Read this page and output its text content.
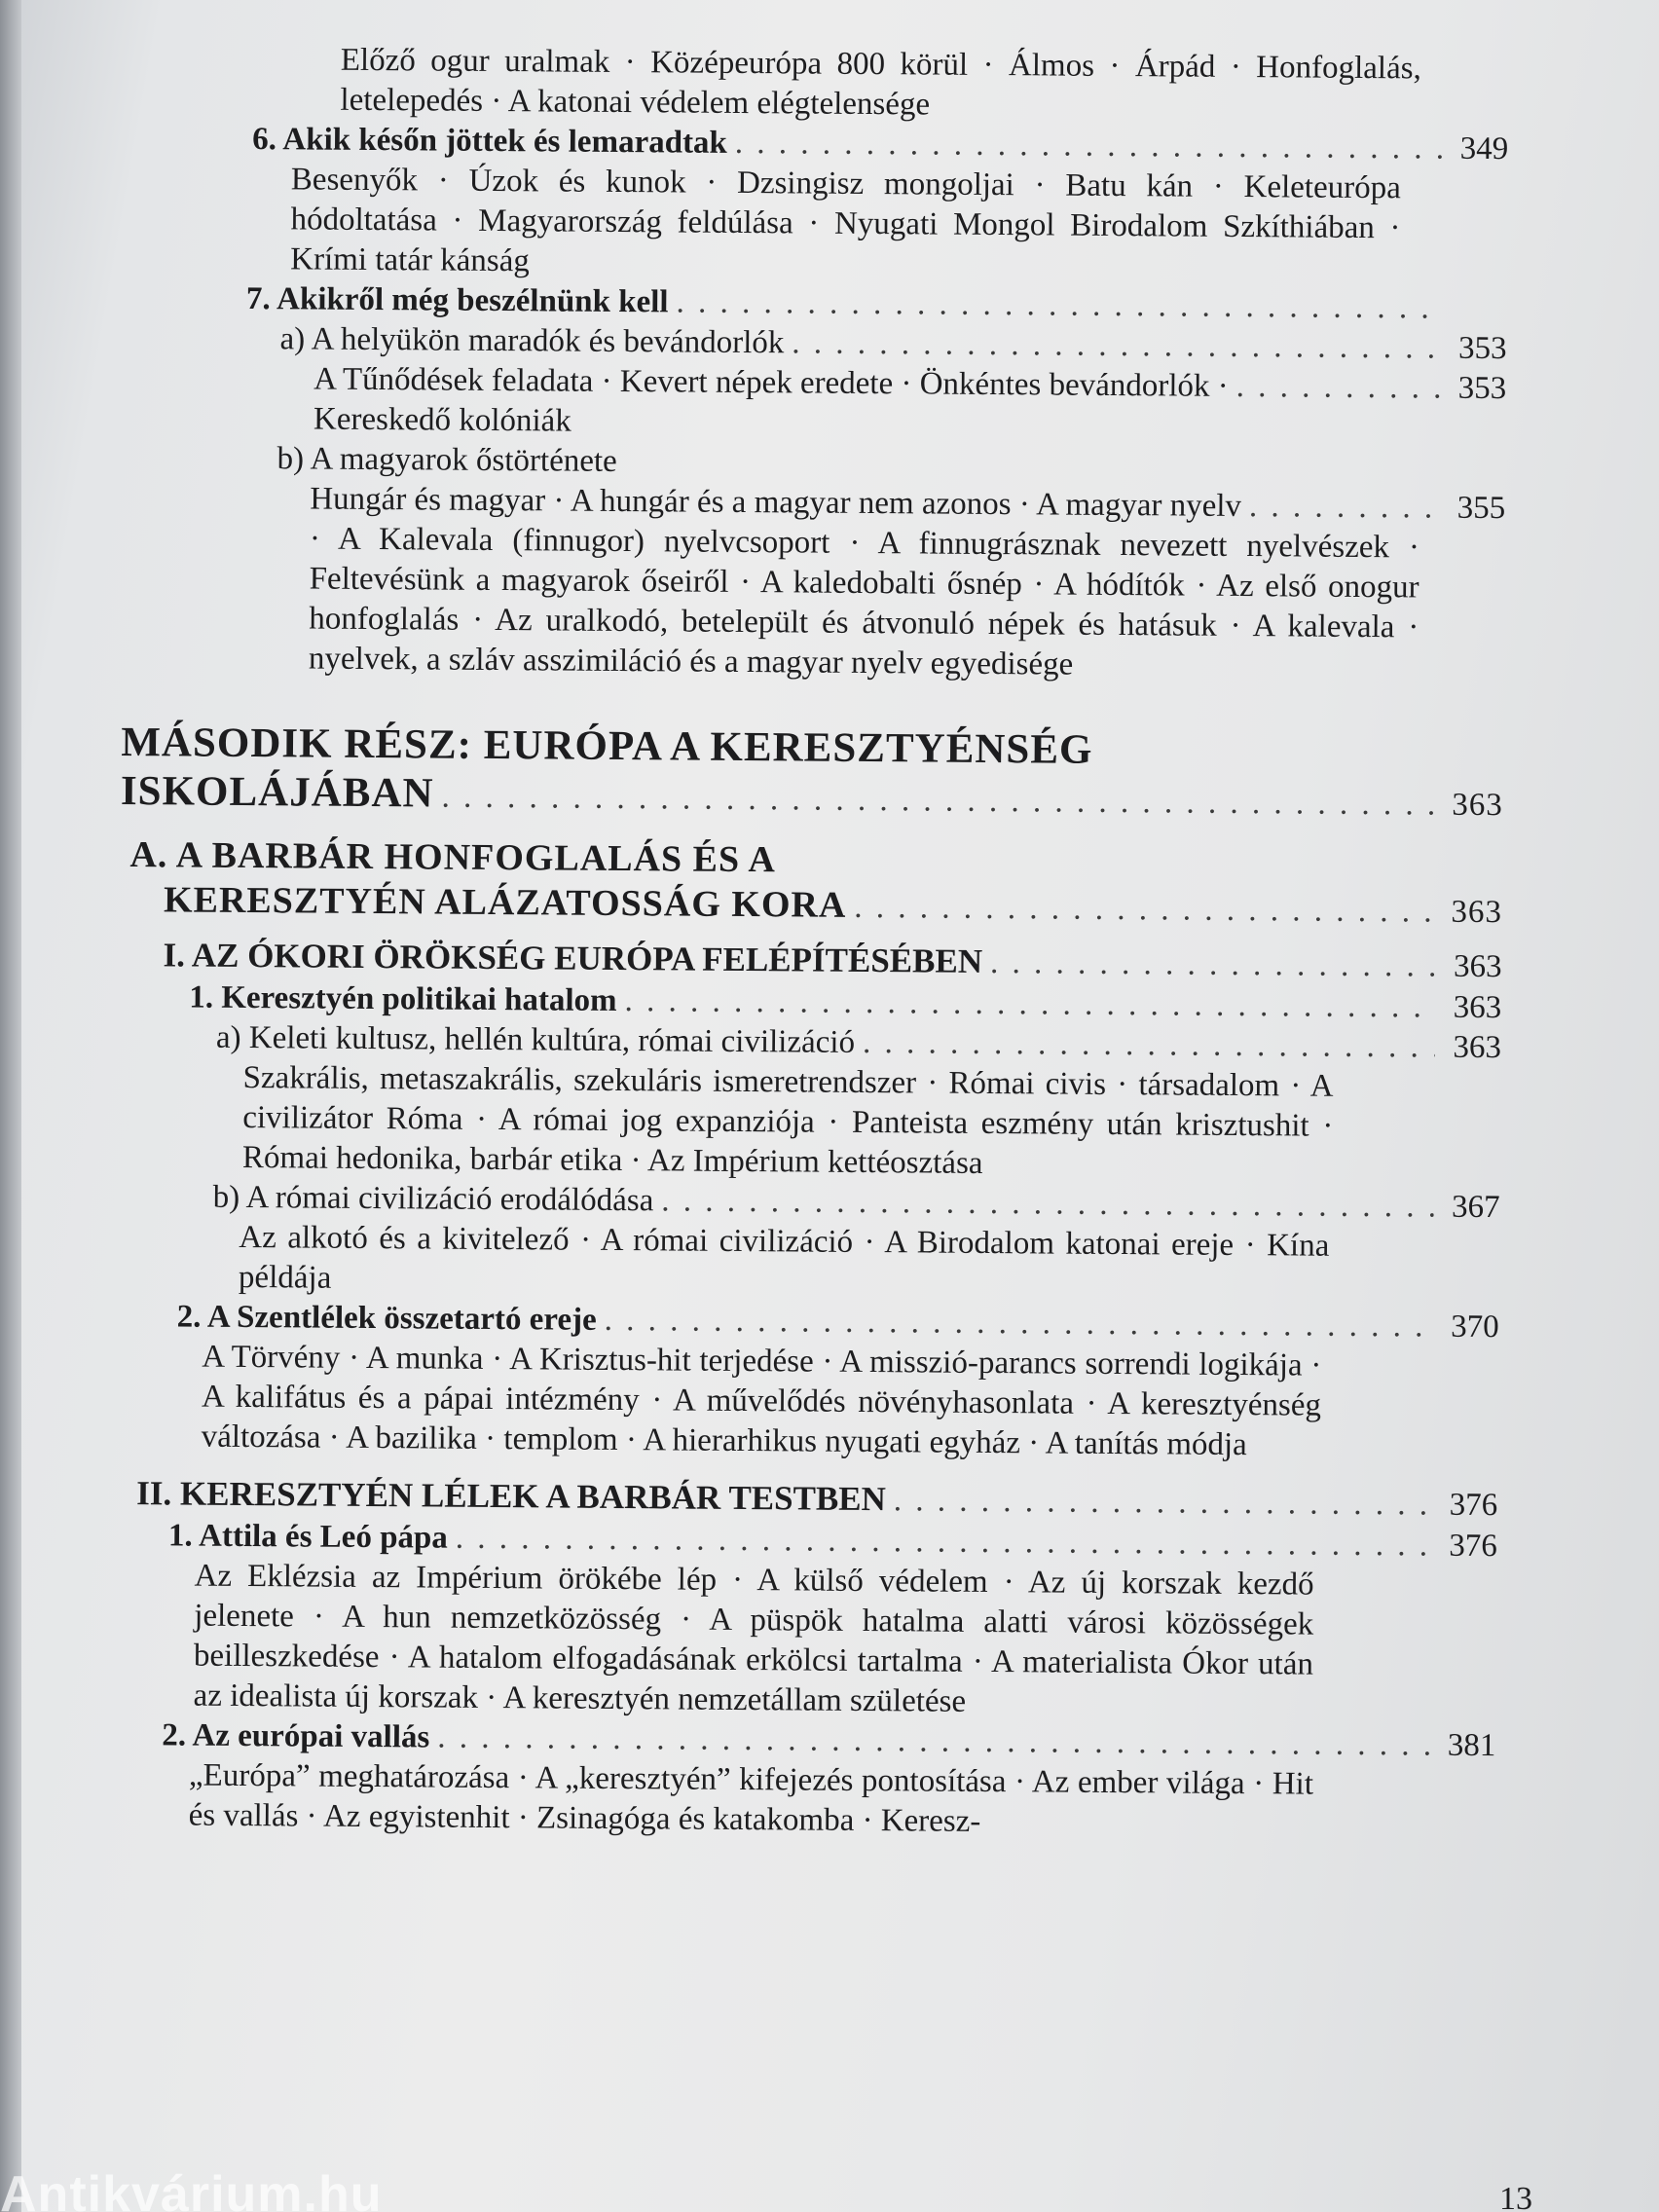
Előző ogur uralmak · Középeurópa 800 körül · Álmos · Árpád · Honfoglalás, letelepedés · A katonai védelem elégtelensége
6. Akik későn jöttek és lemaradtak . . .	349
Besenyők · Úzok és kunok · Dzsingisz mongoljai · Batu kán · Keleteurópa hódoltatása · Magyarország feldúlása · Nyugati Mongol Birodalom Szkíthiában · Krími tatár kánság
7. Akikről még beszélnünk kell
. . .
a) A helyükön maradók és bevándorlók . . .	353
A Tűnődések feladata · Kevert népek eredete · Önkéntes bevándorlók · . . .	353
Kereskedő kolóniák
b) A magyarok őstörténete
Hungár és magyar · A hungár és a magyar nem azonos · A magyar nyelv . . .	355
· A Kalevala (finnugor) nyelvcsoport · A finnugrásznak nevezett nyelvészek · Feltevésünk a magyarok őseiről · A kaledobalti ősnép · A hódítók · Az első onogur honfoglalás · Az uralkodó, betelepült és átvonuló népek és hatásuk · A kalevala · nyelvek, a szláv asszimiláció és a magyar nyelv egyedisége
MÁSODIK RÉSZ: EURÓPA A KERESZTYÉNSÉG
ISKOLÁJÁBAN . . .	363
A. A BARBÁR HONFOGLALÁS ÉS A
KERESZTYÉN ALÁZATOSSÁG KORA . . .	363
I. AZ ÓKORI ÖRÖKSÉG EURÓPA FELÉPÍTÉSÉBEN . . .	363
1. Keresztyén politikai hatalom . . .	363
a) Keleti kultusz, hellén kultúra, római civilizáció . . .	363
Szakrális, metaszakrális, szekuláris ismeretrendszer · Római civis · társadalom · A civilizátor Róma · A római jog expanziója · Panteista eszmény után krisztushit · Római hedonika, barbár etika · Az Impérium kettéosztása
b) A római civilizáció erodálódása . . .	367
Az alkotó és a kivitelező · A római civilizáció · A Birodalom katonai ereje · Kína példája
2. A Szentlélek összetartó ereje . . .	370
A Törvény · A munka · A Krisztus-hit terjedése · A misszió-parancs sorrendi logikája · A kalifátus és a pápai intézmény · A művelődés növényhasonlata · A keresztyénség változása · A bazilika · templom · A hierarhikus nyugati egyház · A tanítás módja
II. KERESZTYÉN LÉLEK A BARBÁR TESTBEN . . .	376
1. Attila és Leó pápa . . .	376
Az Eklézsia az Impérium örökébe lép · A külső védelem · Az új korszak kezdő jelenete · A hun nemzetközösség · A püspök hatalma alatti városi közösségek beilleszkedése · A hatalom elfogadásának erkölcsi tartalma · A materialista Ókor után az idealista új korszak · A keresztyén nemzetállam születése
2. Az európai vallás . . .	381
„Európa” meghatározása · A „keresztyén” kifejezés pontosítása · Az ember világa · Hit és vallás · Az egyistenhit · Zsinagóga és katakomba · Keresz-
Antikvárium.hu	13
